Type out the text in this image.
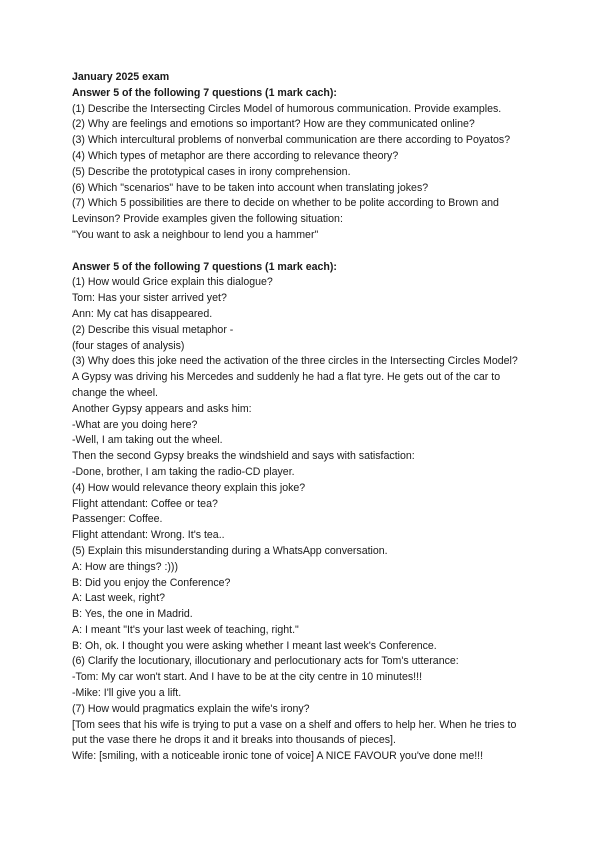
January 2025 exam
Answer 5 of the following 7 questions (1 mark cach):
(1) Describe the Intersecting Circles Model of humorous communication. Provide examples.
(2) Why are feelings and emotions so important? How are they communicated online?
(3) Which intercultural problems of nonverbal communication are there according to Poyatos?
(4) Which types of metaphor are there according to relevance theory?
(5) Describe the prototypical cases in irony comprehension.
(6) Which "scenarios" have to be taken into account when translating jokes?
(7) Which 5 possibilities are there to decide on whether to be polite according to Brown and Levinson? Provide examples given the following situation:
"You want to ask a neighbour to lend you a hammer"
Answer 5 of the following 7 questions (1 mark each):
(1) How would Grice explain this dialogue?
Tom: Has your sister arrived yet?
Ann: My cat has disappeared.
(2) Describe this visual metaphor -
(four stages of analysis)
(3) Why does this joke need the activation of the three circles in the Intersecting Circles Model?
A Gypsy was driving his Mercedes and suddenly he had a flat tyre. He gets out of the car to change the wheel.
Another Gypsy appears and asks him:
-What are you doing here?
-Well, I am taking out the wheel.
Then the second Gypsy breaks the windshield and says with satisfaction:
-Done, brother, I am taking the radio-CD player.
(4) How would relevance theory explain this joke?
Flight attendant: Coffee or tea?
Passenger: Coffee.
Flight attendant: Wrong. It's tea..
(5) Explain this misunderstanding during a WhatsApp conversation.
A: How are things? :)))
B: Did you enjoy the Conference?
A: Last week, right?
B: Yes, the one in Madrid.
A: I meant "It's your last week of teaching, right."
B: Oh, ok. I thought you were asking whether I meant last week's Conference.
(6) Clarify the locutionary, illocutionary and perlocutionary acts for Tom's utterance:
-Tom: My car won't start. And I have to be at the city centre in 10 minutes!!!
-Mike: I'll give you a lift.
(7) How would pragmatics explain the wife's irony?
[Tom sees that his wife is trying to put a vase on a shelf and offers to help her. When he tries to put the vase there he drops it and it breaks into thousands of pieces].
Wife: [smiling, with a noticeable ironic tone of voice] A NICE FAVOUR you've done me!!!
